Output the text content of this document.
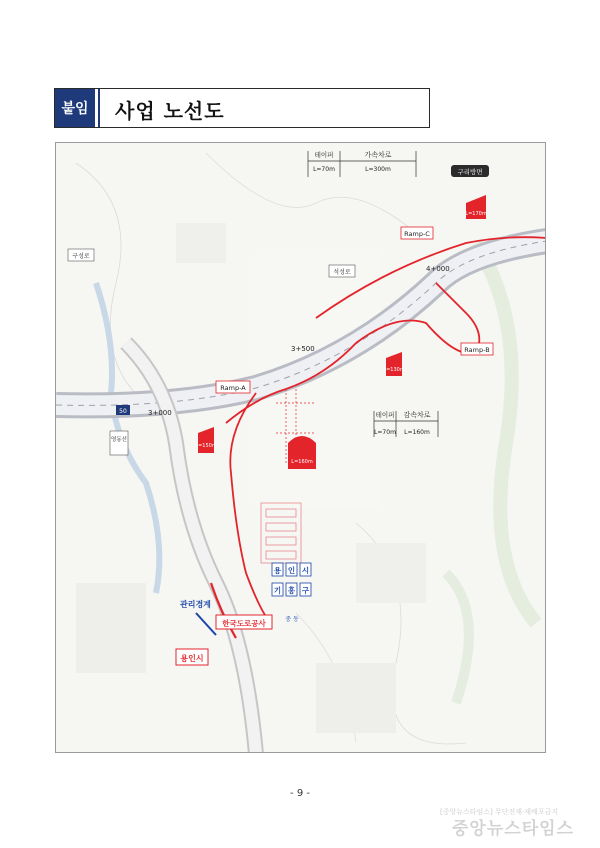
붙임	사업 노선도
테이퍼
L=70m
가속차로
L=300m
테이퍼
L=70m
감속차로
L=160m
구리방면
구성로
석성로	4+000
3+500
3+000
영동선
50
Ramp-A
Ramp-B
Ramp-C
L=170m
L=150m
L=130m
L=160m
용 인 시
기 흥 구
중 동
관리경계
한국도로공사
용인시
- 9 -
[중앙뉴스타임스] 무단전재·재배포금지
중앙뉴스타임스
